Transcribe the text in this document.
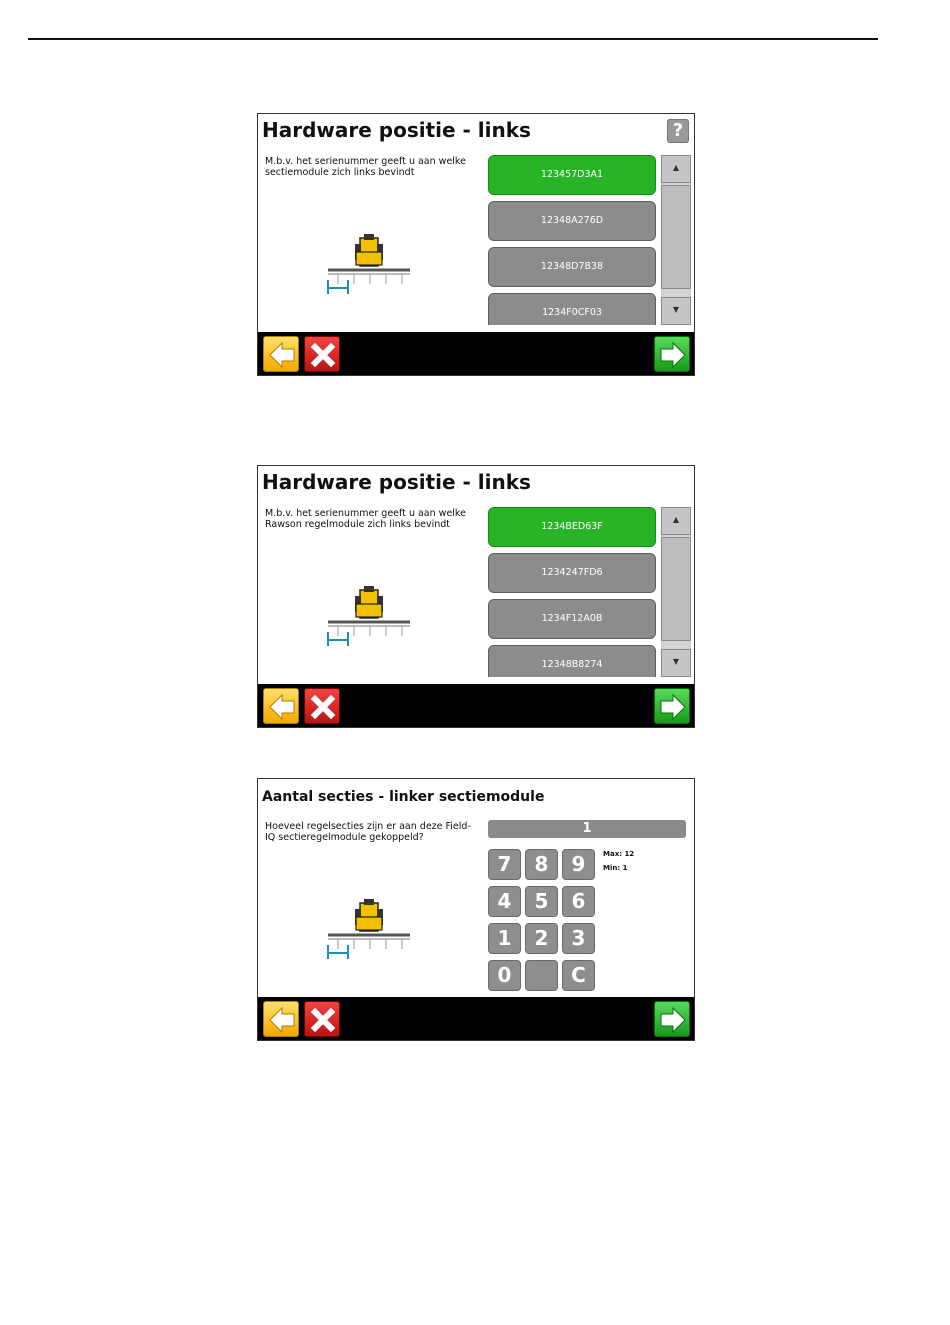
Hardware positie - links	?
M.b.v. het serienummer geeft u aan welke sectiemodule zich links bevindt	123457D3A1
12348A276D
12348D7B38
1234F0CF03
▲
▼
Hardware positie - links
M.b.v. het serienummer geeft u aan welke Rawson regelmodule zich links bevindt	1234BED63F
1234247FD6
1234F12A0B
12348B8274
▲
▼
Aantal secties - linker sectiemodule
Hoeveel regelsecties zijn er aan deze Field-IQ sectieregelmodule gekoppeld?
1
Max: 12
Min: 1
7	8	9
4	5	6
1	2	3
0	C
